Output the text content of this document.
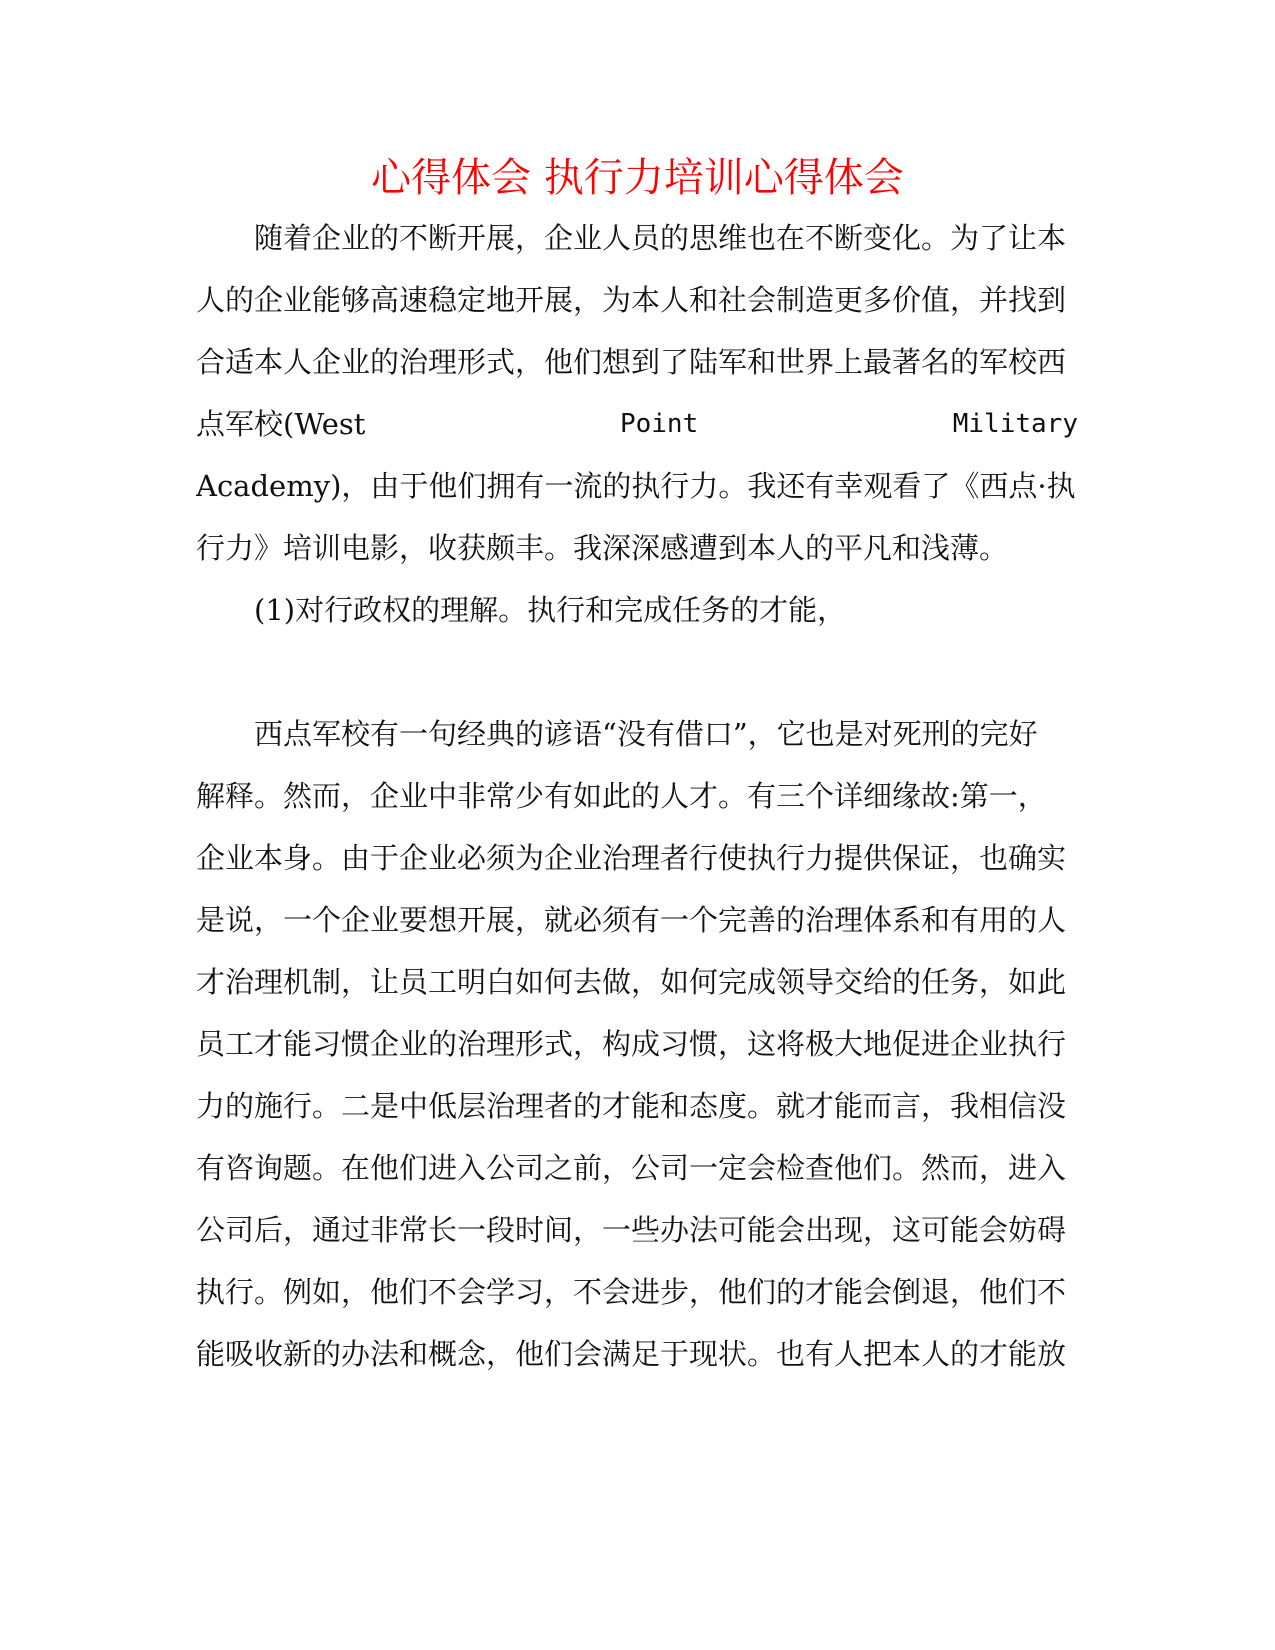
心得体会 执行力培训心得体会
随着企业的不断开展，企业人员的思维也在不断变化。为了让本
人的企业能够高速稳定地开展，为本人和社会制造更多价值，并找到
合适本人企业的治理形式，他们想到了陆军和世界上最著名的军校西
点军校(West	Point	Military
Academy)，由于他们拥有一流的执行力。我还有幸观看了《西点·执
行力》培训电影，收获颇丰。我深深感遭到本人的平凡和浅薄。
(1)对行政权的理解。执行和完成任务的才能，
西点军校有一句经典的谚语“没有借口”，它也是对死刑的完好
解释。然而，企业中非常少有如此的人才。有三个详细缘故:第一，
企业本身。由于企业必须为企业治理者行使执行力提供保证，也确实
是说，一个企业要想开展，就必须有一个完善的治理体系和有用的人
才治理机制，让员工明白如何去做，如何完成领导交给的任务，如此
员工才能习惯企业的治理形式，构成习惯，这将极大地促进企业执行
力的施行。二是中低层治理者的才能和态度。就才能而言，我相信没
有咨询题。在他们进入公司之前，公司一定会检查他们。然而，进入
公司后，通过非常长一段时间，一些办法可能会出现，这可能会妨碍
执行。例如，他们不会学习，不会进步，他们的才能会倒退，他们不
能吸收新的办法和概念，他们会满足于现状。也有人把本人的才能放
